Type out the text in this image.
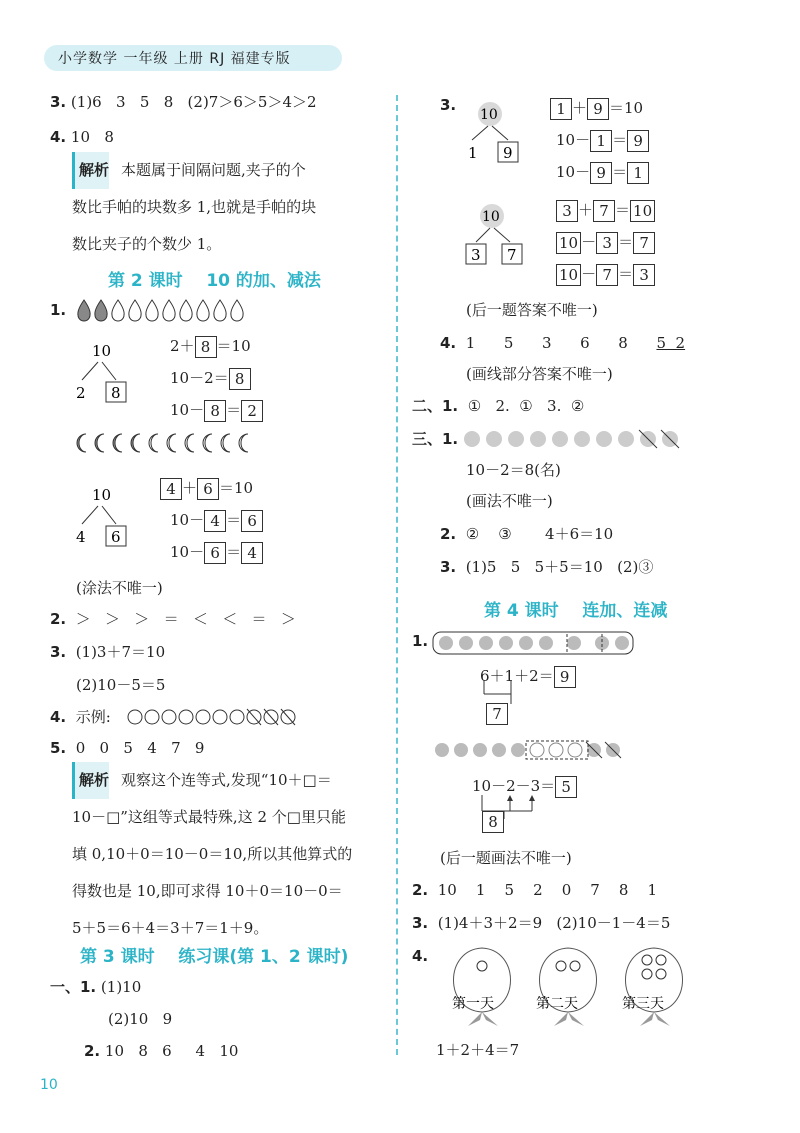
小学数学 一年级 上册 RJ 福建专版
3. (1)6   3   5   8   (2)7＞6＞5＞4＞2
4. 10   8
解析 本题属于间隔问题,夹子的个
数比手帕的块数多 1,也就是手帕的块
数比夹子的个数少 1。
第 2 课时    10 的加、减法
1.
10
2 8
2＋ 8 ＝10
10－2＝ 8
10－ 8 ＝ 2
10
4 6
4 ＋ 6 ＝10
10－ 4 ＝ 6
10－ 6 ＝ 4
(涂法不唯一)
2. ＞   ＞   ＞   ＝   ＜   ＜   ＝   ＞
3. (1)3＋7＝10
(2)10－5＝5
4. 示例:
5. 0   0   5   4   7   9
解析 观察这个连等式,发现“10＋□＝
10－□”这组等式最特殊,这 2 个□里只能
填 0,10＋0＝10－0＝10,所以其他算式的
得数也是 10,即可求得 10＋0＝10－0＝
5＋5＝6＋4＝3＋7＝1＋9。
第 3 课时    练习课(第 1、2 课时)
一、1. (1)10
(2)10   9
2. 10   8   6     4   10
3.
10
1 9
1 ＋ 9 ＝10
10－ 1 ＝ 9
10－ 9 ＝ 1
10
3 7
3 ＋ 7 ＝ 10
10 － 3 ＝ 7
10 － 7 ＝ 3
(后一题答案不唯一)
4. 1      5      3      6      8 5  2
(画线部分答案不唯一)
二、1. ①   2.  ①   3.  ②
三、1.
10－2＝8(名)
(画法不唯一)
2. ②    ③       4＋6＝10
3. (1)5   5   5＋5＝10   (2)③
第 4 课时    连加、连减
1.
6＋1＋2＝ 9
7
10－2－3＝ 5
8
(后一题画法不唯一)
2. 10    1    5    2    0    7    8    1
3. (1)4＋3＋2＝9   (2)10－1－4＝5
4.
第一天	第二天	第三天
1＋2＋4＝7
10
